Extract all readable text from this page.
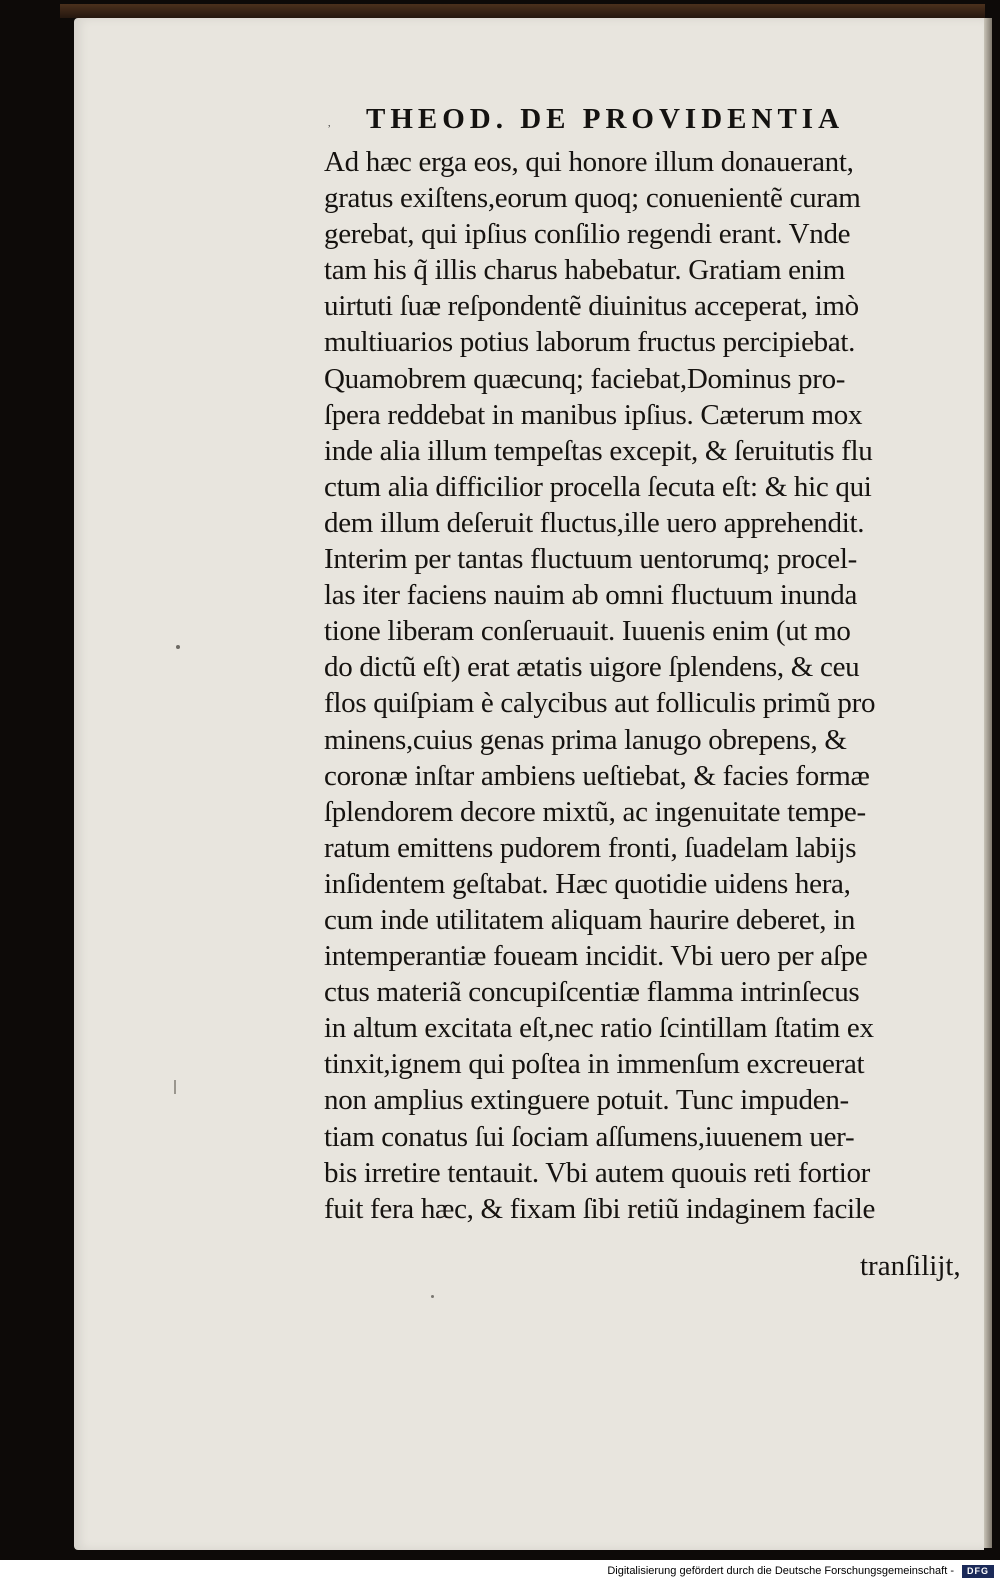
, THEOD. DE PROVIDENTIA
Ad hæc erga eos, qui honore illum donauerant,
gratus exiſtens,eorum quoq; conuenientẽ curam
gerebat, qui ipſius conſilio regendi erant. Vnde
tam his q̃ illis charus habebatur. Gratiam enim
uirtuti ſuæ reſpondentẽ diuinitus acceperat, imò
multiuarios potius laborum fructus percipiebat.
Quamobrem quæcunq; faciebat,Dominus pro-
ſpera reddebat in manibus ipſius. Cæterum mox
inde alia illum tempeſtas excepit, & ſeruitutis flu
ctum alia difficilior procella ſecuta eſt: & hic qui
dem illum deſeruit fluctus,ille uero apprehendit.
Interim per tantas fluctuum uentorumq; procel-
las iter faciens nauim ab omni fluctuum inunda
tione liberam conſeruauit. Iuuenis enim (ut mo
do dictũ eſt) erat ætatis uigore ſplendens, & ceu
flos quiſpiam è calycibus aut folliculis primũ pro
minens,cuius genas prima lanugo obrepens, &
coronæ inſtar ambiens ueſtiebat, & facies formæ
ſplendorem decore mixtũ, ac ingenuitate tempe-
ratum emittens pudorem fronti, ſuadelam labijs
inſidentem geſtabat. Hæc quotidie uidens hera,
cum inde utilitatem aliquam haurire deberet, in
intemperantiæ foueam incidit. Vbi uero per aſpe
ctus materiã concupiſcentiæ flamma intrinſecus
in altum excitata eſt,nec ratio ſcintillam ſtatim ex
tinxit,ignem qui poſtea in immenſum excreuerat
non amplius extinguere potuit. Tunc impuden-
tiam conatus ſui ſociam aſſumens,iuuenem uer-
bis irretire tentauit. Vbi autem quouis reti fortior
fuit fera hæc, & fixam ſibi retiũ indaginem facile
tranſilijt,
Digitalisierung gefördert durch die Deutsche Forschungsgemeinschaft -	DFG
